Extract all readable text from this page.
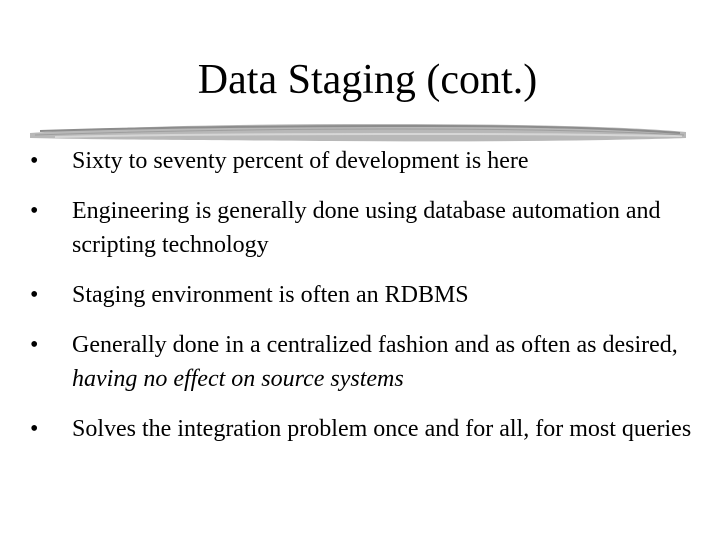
Data Staging (cont.)
•	Sixty to seventy percent of development is here
•	Engineering is generally done using database automation and scripting technology
•	Staging environment is often an RDBMS
•	Generally done in a centralized fashion and as often as desired, having no effect on source systems
•	Solves the integration problem once and for all, for most queries
